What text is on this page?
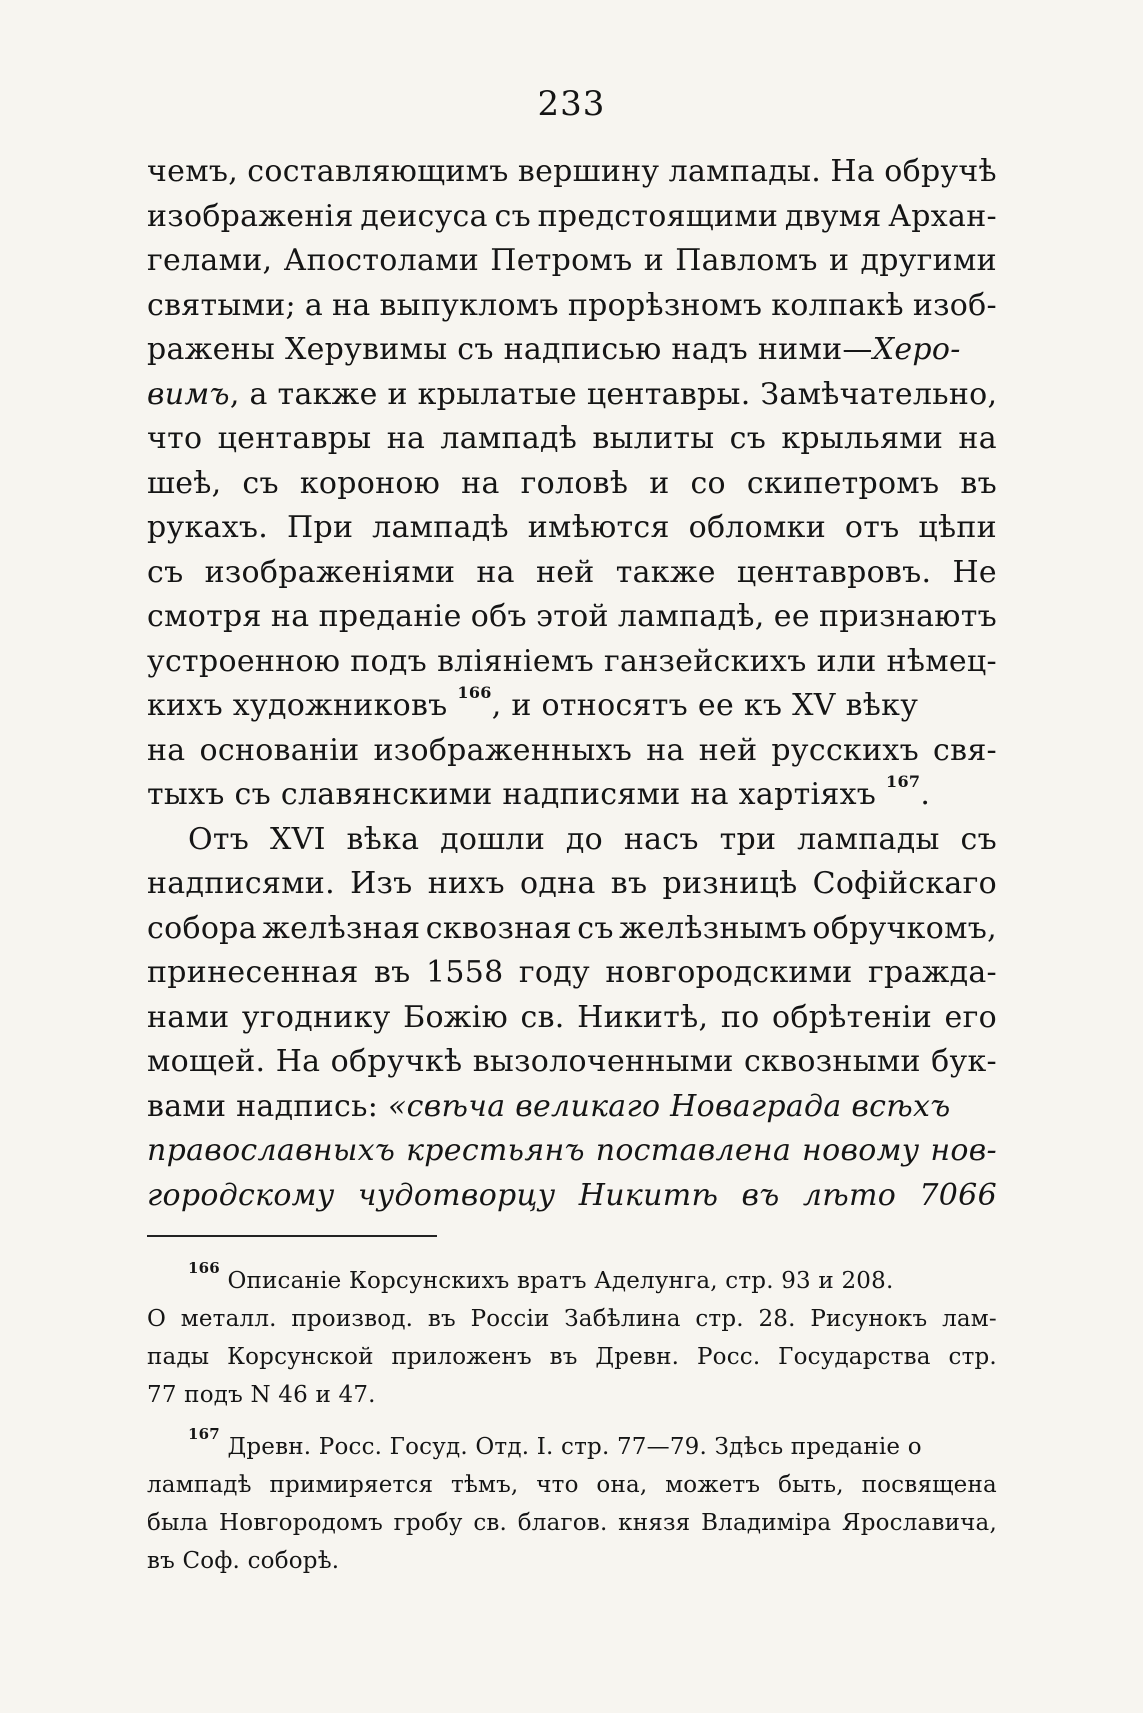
233
чемъ, составляющимъ вершину лампады. На обручѣ
изображенія деисуса съ предстоящими двумя Архан-
гелами, Апостолами Петромъ и Павломъ и другими
святыми; а на выпукломъ прорѣзномъ колпакѣ изоб-
ражены Херувимы съ надписью надъ ними—Херо-
вимъ, а также и крылатые центавры. Замѣчательно,
что центавры на лампадѣ вылиты съ крыльями на
шеѣ, съ короною на головѣ и со скипетромъ въ
рукахъ. При лампадѣ имѣются обломки отъ цѣпи
съ изображеніями на ней также центавровъ. Не
смотря на преданіе объ этой лампадѣ, ее признаютъ
устроенною подъ вліяніемъ ганзейскихъ или нѣмец-
кихъ художниковъ $^{166}$, и относятъ ее къ XV вѣку
на основаніи изображенныхъ на ней русскихъ свя-
тыхъ съ славянскими надписями на хартіяхъ $^{167}$.
Отъ XVI вѣка дошли до насъ три лампады съ
надписями. Изъ нихъ одна въ ризницѣ Софійскаго
собора желѣзная сквозная съ желѣзнымъ обручкомъ,
принесенная въ 1558 году новгородскими гражда-
нами угоднику Божію св. Никитѣ, по обрѣтеніи его
мощей. На обручкѣ вызолоченными сквозными бук-
вами надпись: «свѣча великаго Новаграда всѣхъ
православныхъ крестьянъ поставлена новому нов-
городскому чудотворцу Никитѣ въ лѣто 7066
$^{166}$ Описаніе Корсунскихъ вратъ Аделунга, стр. 93 и 208.
О металл. производ. въ Россіи Забѣлина стр. 28. Рисунокъ лам-
пады Корсунской приложенъ въ Древн. Росс. Государства стр.
77 подъ N 46 и 47.
$^{167}$ Древн. Росс. Госуд. Отд. I. стр. 77—79. Здѣсь преданіе о
лампадѣ примиряется тѣмъ, что она, можетъ быть, посвящена
была Новгородомъ гробу св. благов. князя Владиміра Ярославича,
въ Соф. соборѣ.
